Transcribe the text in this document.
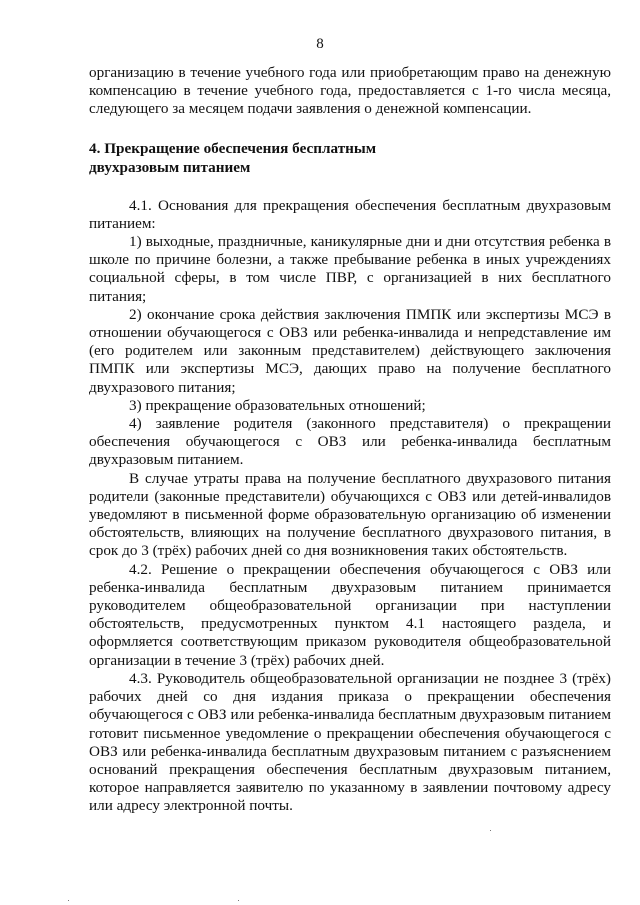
8

организацию в течение учебного года или приобретающим право на денежную компенсацию в течение учебного года, предоставляется с 1-го числа месяца, следующего за месяцем подачи заявления о денежной компенсации.

4. Прекращение обеспечения бесплатным
двухразовым питанием

4.1. Основания для прекращения обеспечения бесплатным двухразовым питанием:

1) выходные, праздничные, каникулярные дни и дни отсутствия ребенка в школе по причине болезни, а также пребывание ребенка в иных учреждениях социальной сферы, в том числе ПВР, с организацией в них бесплатного питания;

2) окончание срока действия заключения ПМПК или экспертизы МСЭ в отношении обучающегося с ОВЗ или ребенка-инвалида и непредставление им (его родителем или законным представителем) действующего заключения ПМПК или экспертизы МСЭ, дающих право на получение бесплатного двухразового питания;

3) прекращение образовательных отношений;

4) заявление родителя (законного представителя) о прекращении обеспечения обучающегося с ОВЗ или ребенка-инвалида бесплатным двухразовым питанием.

В случае утраты права на получение бесплатного двухразового питания родители (законные представители) обучающихся с ОВЗ или детей-инвалидов уведомляют в письменной форме образовательную организацию об изменении обстоятельств, влияющих на получение бесплатного двухразового питания, в срок до 3 (трёх) рабочих дней со дня возникновения таких обстоятельств.

4.2. Решение о прекращении обеспечения обучающегося с ОВЗ или ребенка-инвалида бесплатным двухразовым питанием принимается руководителем общеобразовательной организации при наступлении обстоятельств, предусмотренных пунктом 4.1 настоящего раздела, и оформляется соответствующим приказом руководителя общеобразовательной организации в течение 3 (трёх) рабочих дней.

4.3. Руководитель общеобразовательной организации не позднее 3 (трёх) рабочих дней со дня издания приказа о прекращении обеспечения обучающегося с ОВЗ или ребенка-инвалида бесплатным двухразовым питанием готовит письменное уведомление о прекращении обеспечения обучающегося с ОВЗ или ребенка-инвалида бесплатным двухразовым питанием с разъяснением оснований прекращения обеспечения бесплатным двухразовым питанием, которое направляется заявителю по указанному в заявлении почтовому адресу или адресу электронной почты.
